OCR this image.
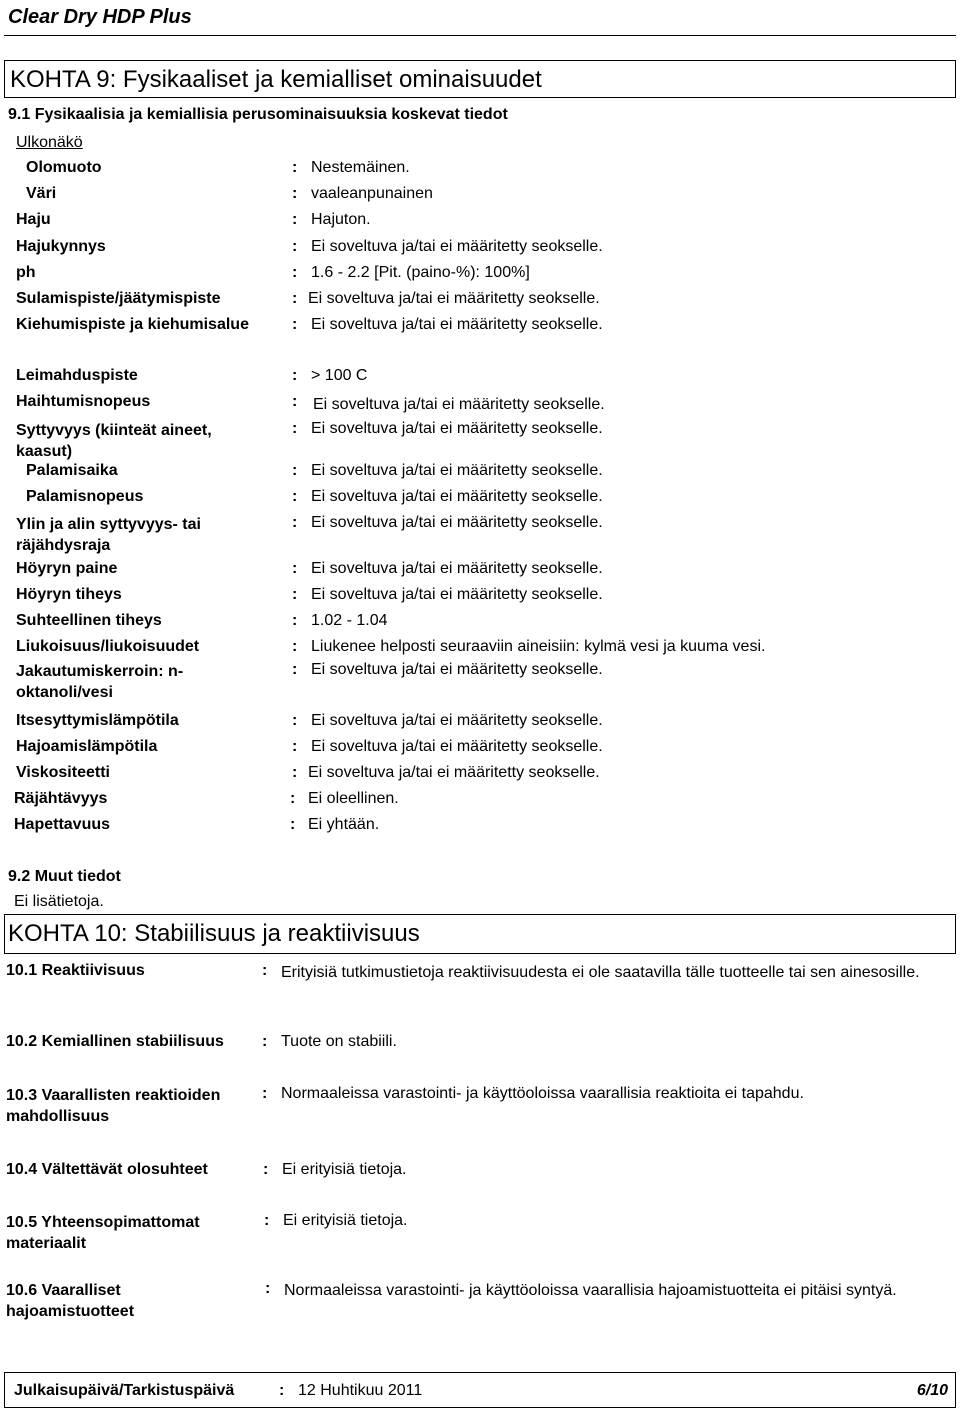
Clear Dry HDP Plus
KOHTA 9: Fysikaaliset ja kemialliset ominaisuudet
9.1 Fysikaalisia ja kemiallisia perusominaisuuksia koskevat tiedot
Ulkonäkö
Olomuoto	: Nestemäinen.
Väri	: vaaleanpunainen
Haju	: Hajuton.
Hajukynnys	: Ei soveltuva ja/tai ei määritetty seokselle.
ph	: 1.6 - 2.2 [Pit. (paino-%): 100%]
Sulamispiste/jäätymispiste	: Ei soveltuva ja/tai ei määritetty seokselle.
Kiehumispiste ja kiehumisalue	: Ei soveltuva ja/tai ei määritetty seokselle.
Leimahduspiste	: > 100 C
Haihtumisnopeus	: Ei soveltuva ja/tai ei määritetty seokselle.
Syttyvyys (kiinteät aineet, kaasut)
: Ei soveltuva ja/tai ei määritetty seokselle.
Palamisaika	: Ei soveltuva ja/tai ei määritetty seokselle.
Palamisnopeus	: Ei soveltuva ja/tai ei määritetty seokselle.
Ylin ja alin syttyvyys- tai räjähdysraja
: Ei soveltuva ja/tai ei määritetty seokselle.
Höyryn paine	: Ei soveltuva ja/tai ei määritetty seokselle.
Höyryn tiheys	: Ei soveltuva ja/tai ei määritetty seokselle.
Suhteellinen tiheys	: 1.02 - 1.04
Liukoisuus/liukoisuudet	: Liukenee helposti seuraaviin aineisiin: kylmä vesi ja kuuma vesi.
Jakautumiskerroin: n-oktanoli/vesi
: Ei soveltuva ja/tai ei määritetty seokselle.
Itsesyttymislämpötila	: Ei soveltuva ja/tai ei määritetty seokselle.
Hajoamislämpötila	: Ei soveltuva ja/tai ei määritetty seokselle.
Viskositeetti	: Ei soveltuva ja/tai ei määritetty seokselle.
Räjähtävyys	: Ei oleellinen.
Hapettavuus	: Ei yhtään.
9.2 Muut tiedot
Ei lisätietoja.
KOHTA 10: Stabiilisuus ja reaktiivisuus
10.1 Reaktiivisuus	: Erityisiä tutkimustietoja reaktiivisuudesta ei ole saatavilla tälle tuotteelle tai sen ainesosille.
10.2 Kemiallinen stabiilisuus : Tuote on stabiili.
10.3 Vaarallisten reaktioiden mahdollisuus
: Normaaleissa varastointi- ja käyttöoloissa vaarallisia reaktioita ei tapahdu.
10.4 Vältettävät olosuhteet	: Ei erityisiä tietoja.
10.5 Yhteensopimattomat materiaalit
: Ei erityisiä tietoja.
10.6 Vaaralliset hajoamistuotteet
: Normaaleissa varastointi- ja käyttöoloissa vaarallisia hajoamistuotteita ei pitäisi syntyä.
Julkaisupäivä/Tarkistuspäivä	: 12 Huhtikuu 2011	6/10
